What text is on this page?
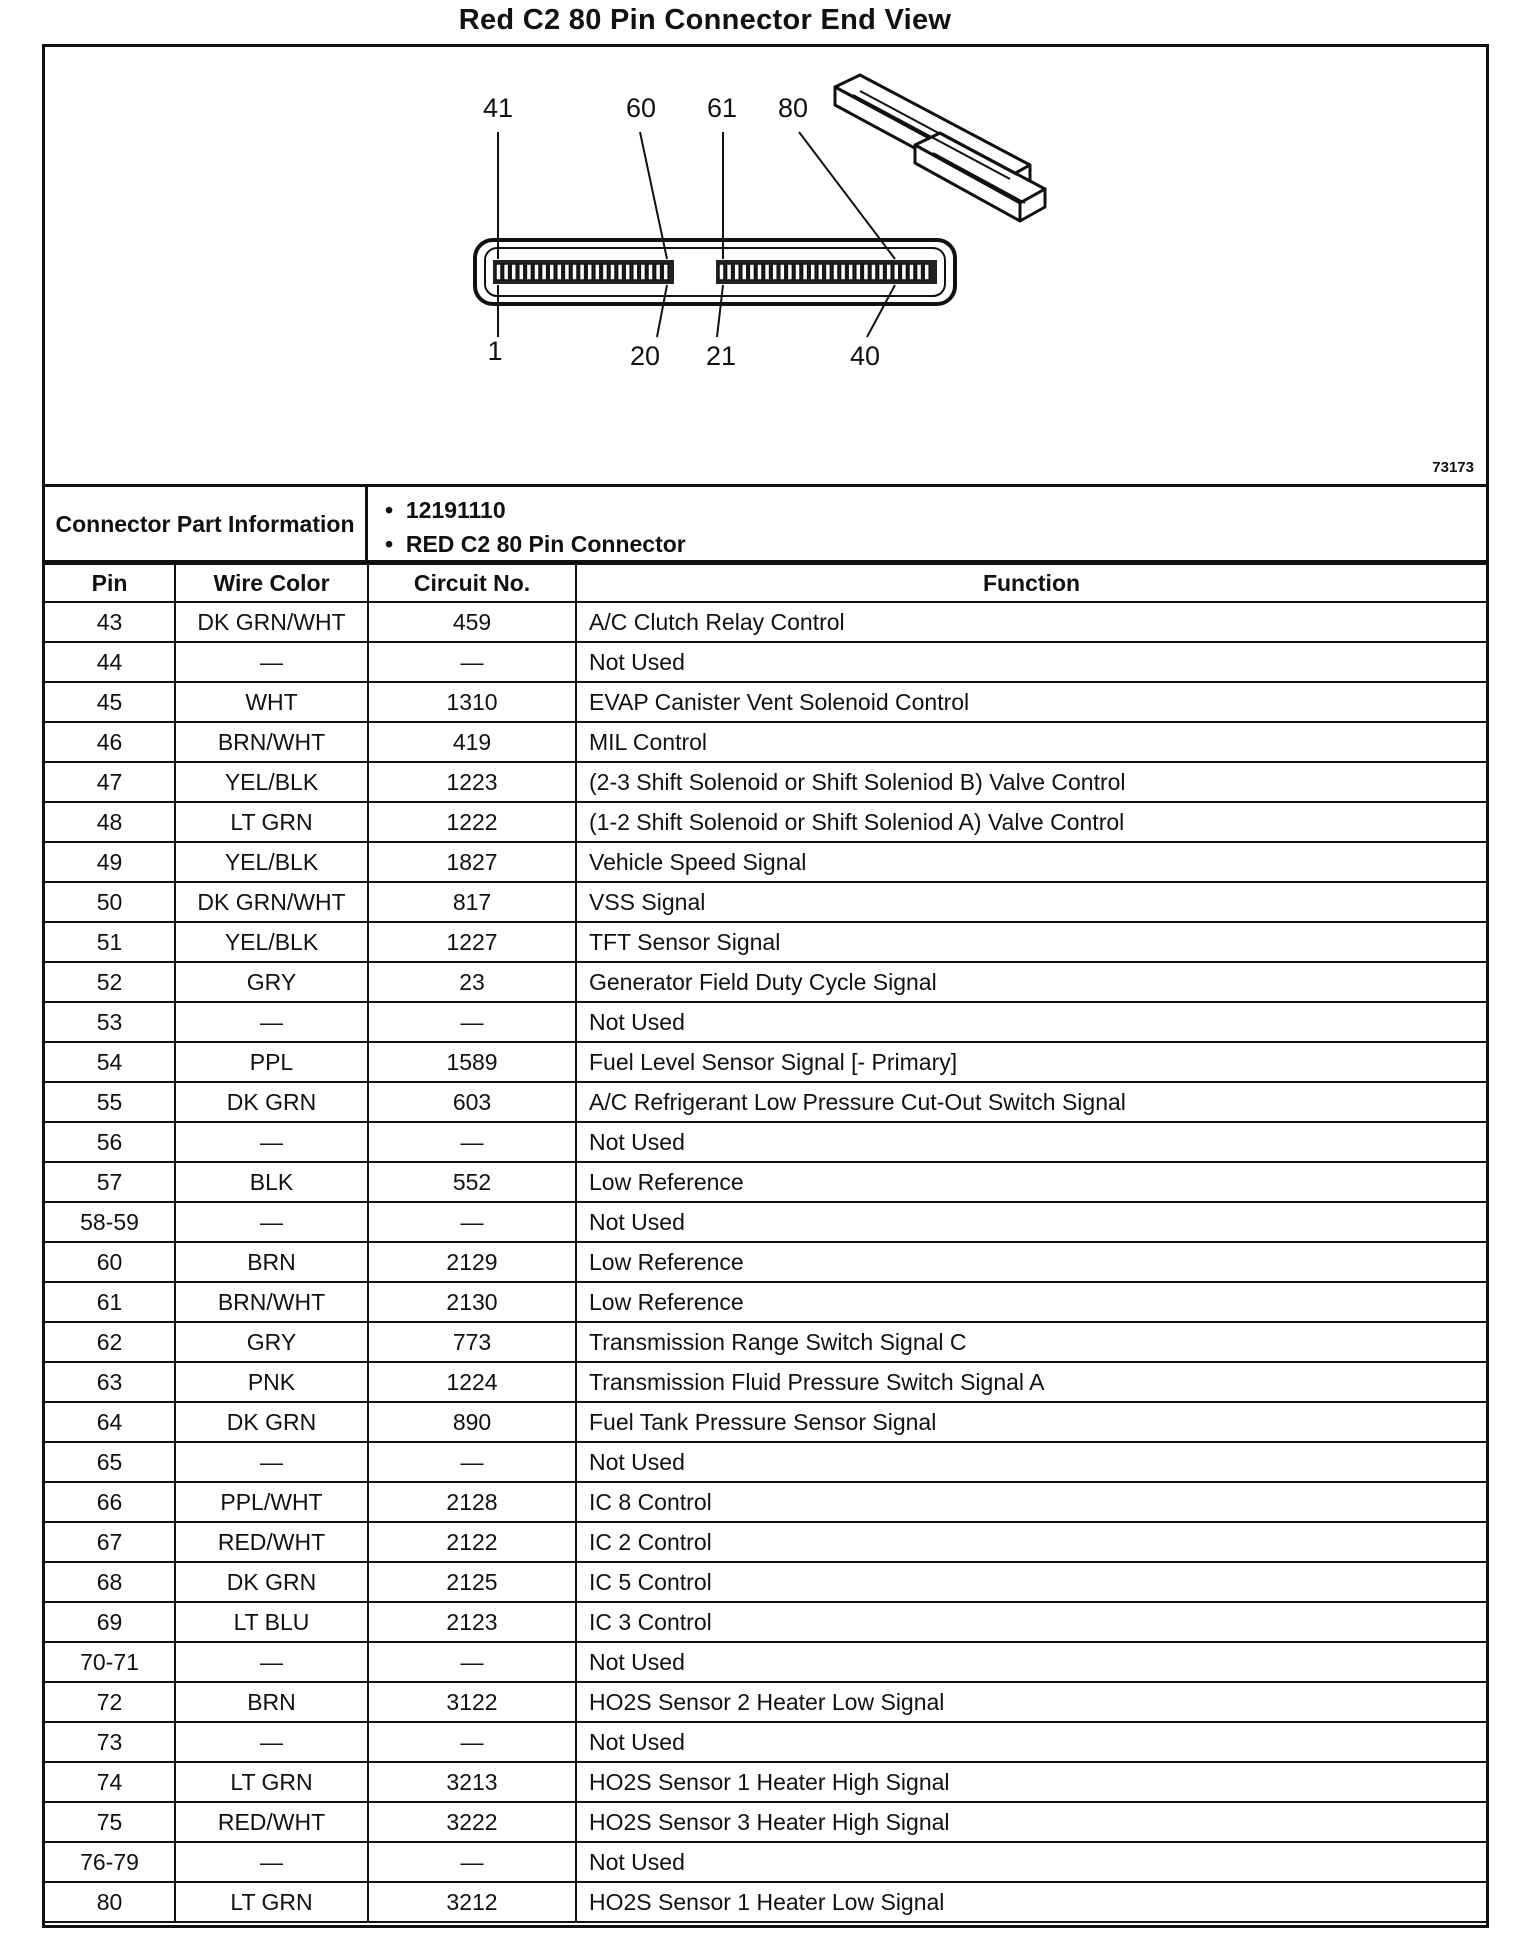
Red C2 80 Pin Connector End View
41	60 61 80
1	20 21	40
73173
Connector Part Information
•  12191110
•  RED C2 80 Pin Connector
Pin	Wire Color	Circuit No.	Function
43	DK GRN/WHT	459	A/C Clutch Relay Control
44	—	—	Not Used
45	WHT	1310	EVAP Canister Vent Solenoid Control
46	BRN/WHT	419	MIL Control
47	YEL/BLK	1223	(2-3 Shift Solenoid or Shift Soleniod B) Valve Control
48	LT GRN	1222	(1-2 Shift Solenoid or Shift Soleniod A) Valve Control
49	YEL/BLK	1827	Vehicle Speed Signal
50	DK GRN/WHT	817	VSS Signal
51	YEL/BLK	1227	TFT Sensor Signal
52	GRY	23	Generator Field Duty Cycle Signal
53	—	—	Not Used
54	PPL	1589	Fuel Level Sensor Signal [- Primary]
55	DK GRN	603	A/C Refrigerant Low Pressure Cut-Out Switch Signal
56	—	—	Not Used
57	BLK	552	Low Reference
58-59	—	—	Not Used
60	BRN	2129	Low Reference
61	BRN/WHT	2130	Low Reference
62	GRY	773	Transmission Range Switch Signal C
63	PNK	1224	Transmission Fluid Pressure Switch Signal A
64	DK GRN	890	Fuel Tank Pressure Sensor Signal
65	—	—	Not Used
66	PPL/WHT	2128	IC 8 Control
67	RED/WHT	2122	IC 2 Control
68	DK GRN	2125	IC 5 Control
69	LT BLU	2123	IC 3 Control
70-71	—	—	Not Used
72	BRN	3122	HO2S Sensor 2 Heater Low Signal
73	—	—	Not Used
74	LT GRN	3213	HO2S Sensor 1 Heater High Signal
75	RED/WHT	3222	HO2S Sensor 3 Heater High Signal
76-79	—	—	Not Used
80	LT GRN	3212	HO2S Sensor 1 Heater Low Signal
